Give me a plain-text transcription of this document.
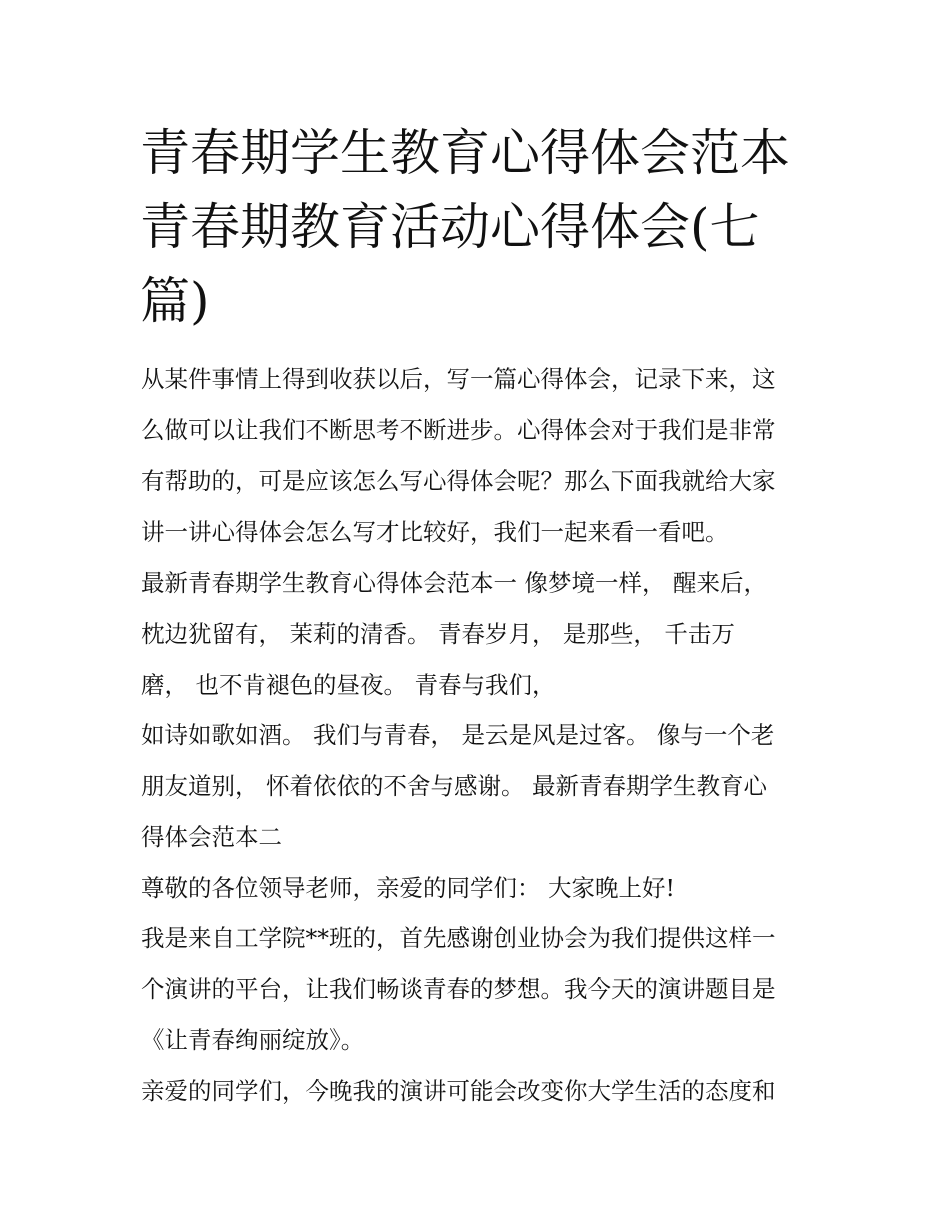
青春期学生教育心得体会范本
青春期教育活动心得体会(七
篇)

从某件事情上得到收获以后，写一篇心得体会，记录下来，这

么做可以让我们不断思考不断进步。心得体会对于我们是非常

有帮助的，可是应该怎么写心得体会呢？那么下面我就给大家

讲一讲心得体会怎么写才比较好，我们一起来看一看吧。

最新青春期学生教育心得体会范本一 像梦境一样， 醒来后，

枕边犹留有， 茉莉的清香。 青春岁月， 是那些， 千击万

磨， 也不肯褪色的昼夜。 青春与我们，

如诗如歌如酒。 我们与青春， 是云是风是过客。 像与一个老

朋友道别， 怀着依依的不舍与感谢。 最新青春期学生教育心

得体会范本二

尊敬的各位领导老师，亲爱的同学们： 大家晚上好!

我是来自工学院**班的，首先感谢创业协会为我们提供这样一

个演讲的平台，让我们畅谈青春的梦想。我今天的演讲题目是

《让青春绚丽绽放》。

亲爱的同学们，今晚我的演讲可能会改变你大学生活的态度和
